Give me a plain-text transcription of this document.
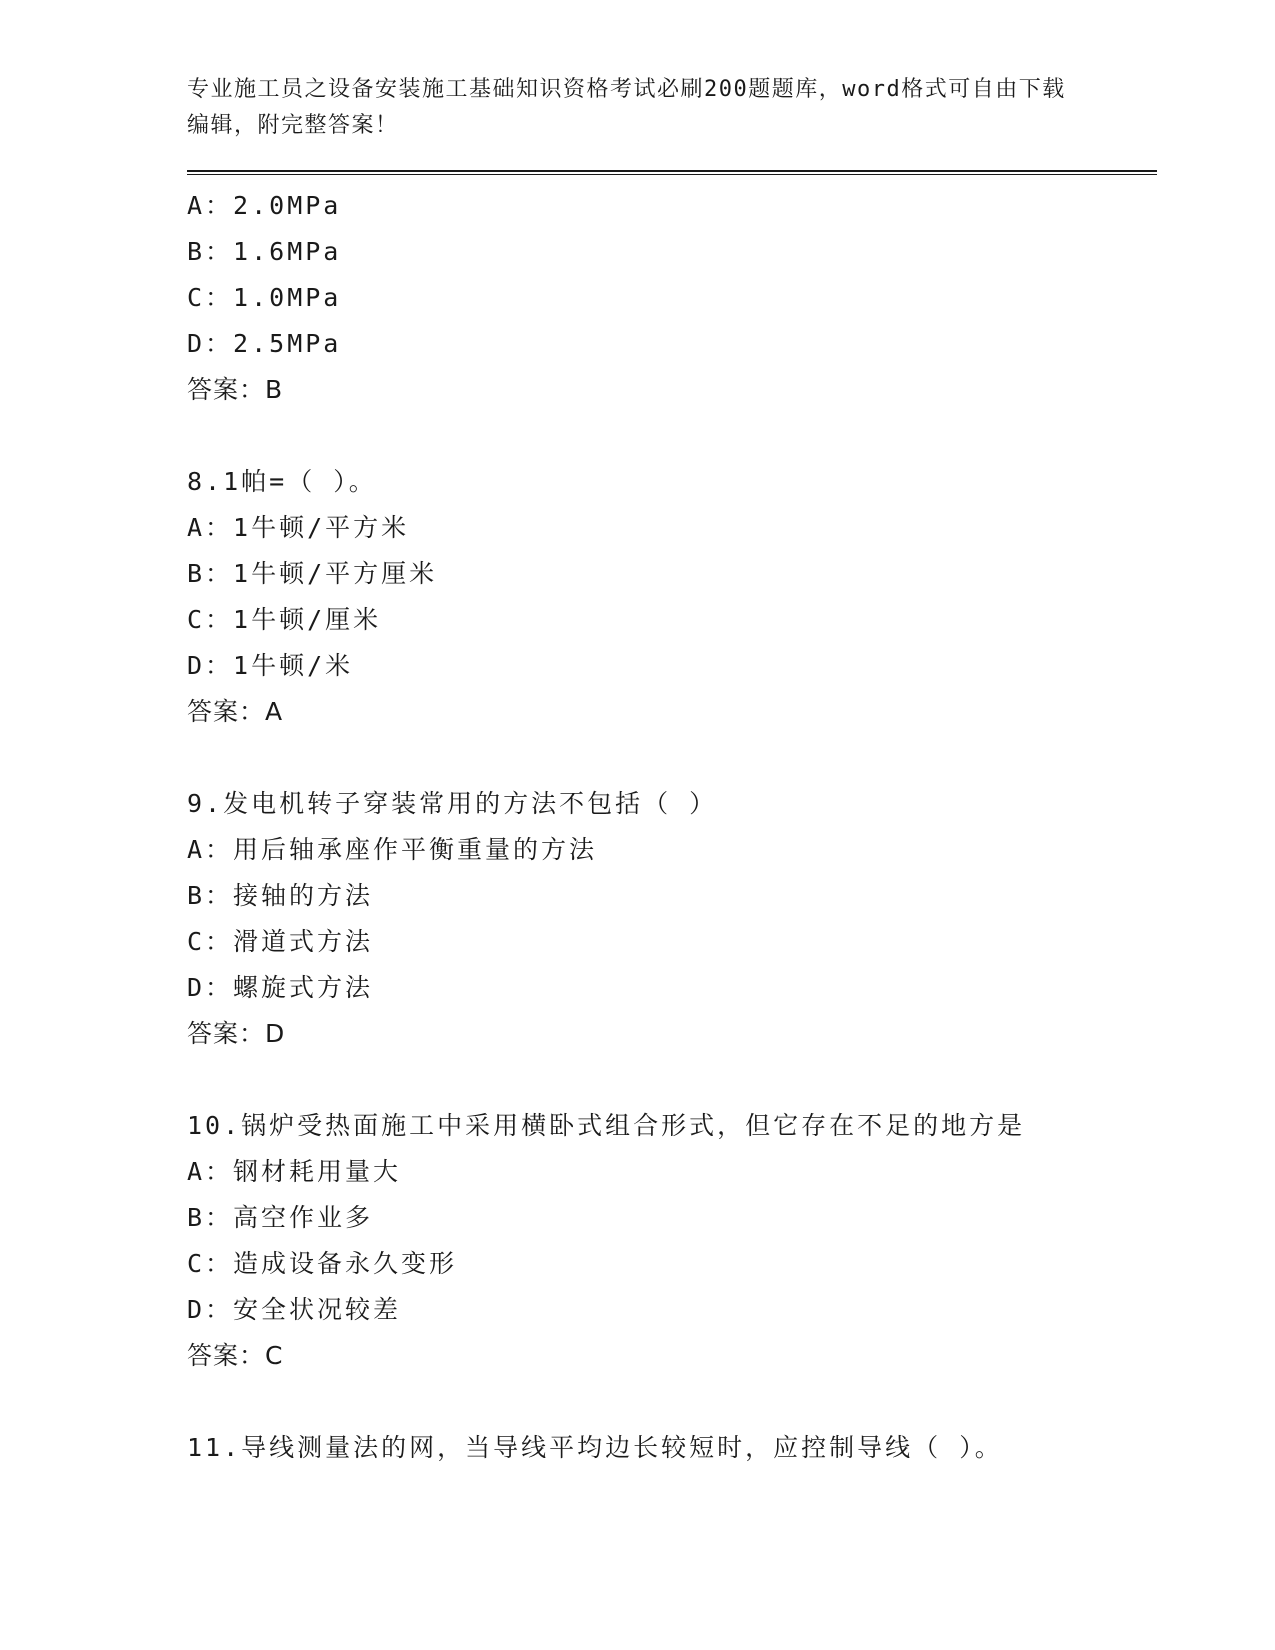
专业施工员之设备安装施工基础知识资格考试必刷200题题库，word格式可自由下载编辑，附完整答案！

A：2.0MPa
B：1.6MPa
C：1.0MPa
D：2.5MPa
答案：B
8.1帕=（ ）。
A：1牛顿/平方米
B：1牛顿/平方厘米
C：1牛顿/厘米
D：1牛顿/米
答案：A
9.发电机转子穿装常用的方法不包括（ ）
A：用后轴承座作平衡重量的方法
B：接轴的方法
C：滑道式方法
D：螺旋式方法
答案：D
10.锅炉受热面施工中采用横卧式组合形式，但它存在不足的地方是
A：钢材耗用量大
B：高空作业多
C：造成设备永久变形
D：安全状况较差
答案：C
11.导线测量法的网，当导线平均边长较短时，应控制导线（ ）。
